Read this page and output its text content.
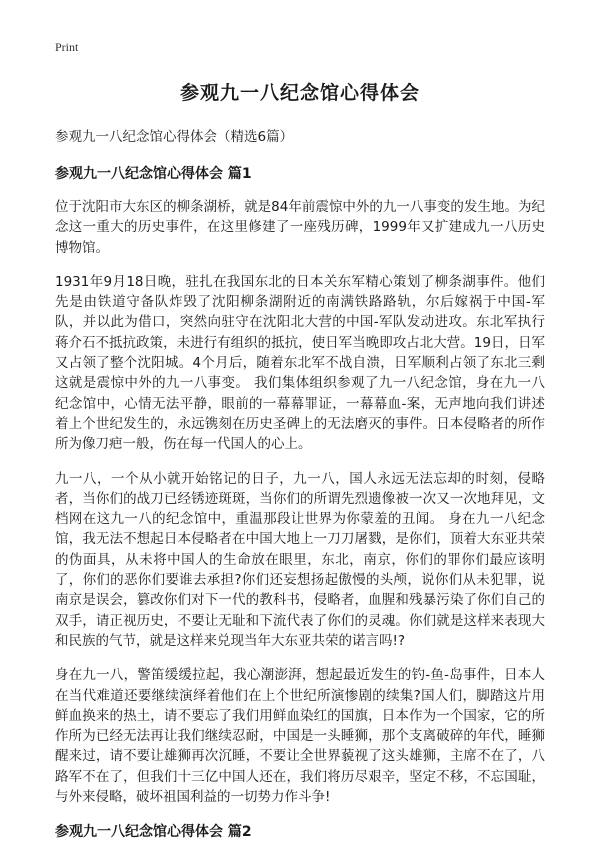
Print
参观九一八纪念馆心得体会

参观九一八纪念馆心得体会（精选6篇）

参观九一八纪念馆心得体会 篇1

位于沈阳市大东区的柳条湖桥，就是84年前震惊中外的九一八事变的发生地。为纪念这一重大的历史事件，在这里修建了一座残历碑，1999年又扩建成九一八历史博物馆。

1931年9月18日晚，驻扎在我国东北的日本关东军精心策划了柳条湖事件。他们先是由铁道守备队炸毁了沈阳柳条湖附近的南满铁路路轨，尔后嫁祸于中国-军队，并以此为借口，突然向驻守在沈阳北大营的中国-军队发动进攻。东北军执行蒋介石不抵抗政策，未进行有组织的抵抗，使日军当晚即攻占北大营。19日，日军又占领了整个沈阳城。4个月后，随着东北军不战自溃，日军顺利占领了东北三剩这就是震惊中外的九一八事变。 我们集体组织参观了九一八纪念馆，身在九一八纪念馆中，心情无法平静，眼前的一幕幕罪证，一幕幕血-案，无声地向我们讲述着上个世纪发生的，永远镌刻在历史圣碑上的无法磨灭的事件。日本侵略者的所作所为像刀疤一般，伤在每一代国人的心上。

九一八，一个从小就开始铭记的日子，九一八，国人永远无法忘却的时刻，侵略者，当你们的战刀已经锈迹斑斑，当你们的所谓先烈遗像被一次又一次地拜见，文档网在这九一八的纪念馆中，重温那段让世界为你蒙羞的丑闻。 身在九一八纪念馆，我无法不想起日本侵略者在中国大地上一刀刀屠戮，是你们，顶着大东亚共荣的伪面具，从未将中国人的生命放在眼里，东北，南京，你们的罪你们最应该明了，你们的恶你们要谁去承担?你们还妄想扬起傲慢的头颅，说你们从未犯罪，说南京是误会，篡改你们对下一代的教科书，侵略者，血腥和残暴污染了你们自己的双手，请正视历史，不要让无耻和下流代表了你们的灵魂。你们就是这样来表现大和民族的气节，就是这样来兑现当年大东亚共荣的诺言吗!?

身在九一八，警笛缓缓拉起，我心潮澎湃，想起最近发生的钓-鱼-岛事件，日本人在当代难道还要继续演绎着他们在上个世纪所演惨剧的续集?国人们，脚踏这片用鲜血换来的热土，请不要忘了我们用鲜血染红的国旗，日本作为一个国家，它的所作所为已经无法再让我们继续忍耐，中国是一头睡狮，那个支离破碎的年代，睡狮醒来过，请不要让雄狮再次沉睡，不要让全世界藐视了这头雄狮，主席不在了，八路军不在了，但我们十三亿中国人还在，我们将历尽艰辛，坚定不移，不忘国耻，与外来侵略，破坏祖国利益的一切势力作斗争!

参观九一八纪念馆心得体会 篇2
